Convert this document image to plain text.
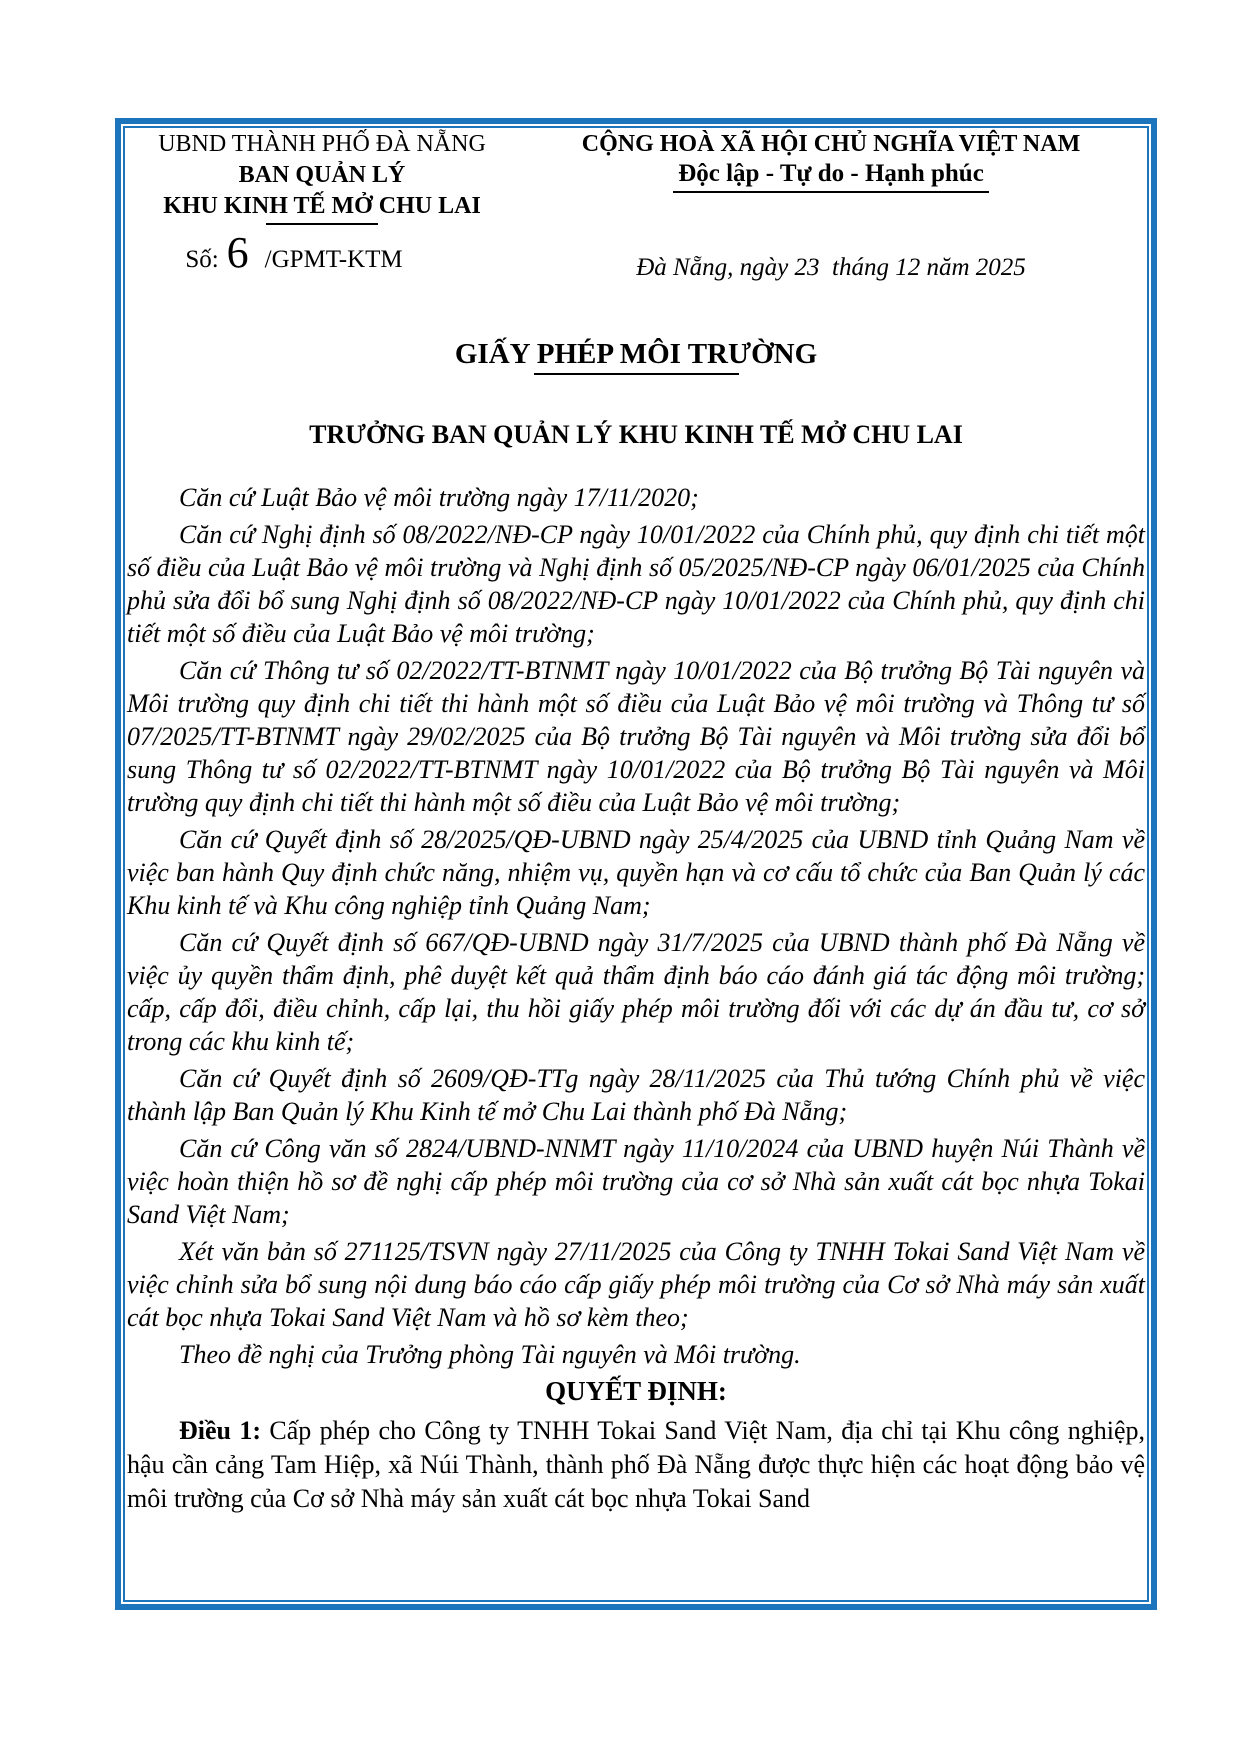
UBND THÀNH PHỐ ĐÀ NẴNG
BAN QUẢN LÝ
KHU KINH TẾ MỞ CHU LAI
Số: 6 /GPMT-KTM
CỘNG HOÀ XÃ HỘI CHỦ NGHĨA VIỆT NAM
Độc lập - Tự do - Hạnh phúc
Đà Nẵng, ngày 23  tháng 12 năm 2025
GIẤY PHÉP MÔI TRƯỜNG
TRƯỞNG BAN QUẢN LÝ KHU KINH TẾ MỞ CHU LAI

Căn cứ Luật Bảo vệ môi trường ngày 17/11/2020;

Căn cứ Nghị định số 08/2022/NĐ-CP ngày 10/01/2022 của Chính phủ, quy định chi tiết một số điều của Luật Bảo vệ môi trường và Nghị định số 05/2025/NĐ-CP ngày 06/01/2025 của Chính phủ sửa đổi bổ sung Nghị định số 08/2022/NĐ-CP ngày 10/01/2022 của Chính phủ, quy định chi tiết một số điều của Luật Bảo vệ môi trường;

Căn cứ Thông tư số 02/2022/TT-BTNMT ngày 10/01/2022 của Bộ trưởng Bộ Tài nguyên và Môi trường quy định chi tiết thi hành một số điều của Luật Bảo vệ môi trường và Thông tư số 07/2025/TT-BTNMT ngày 29/02/2025 của Bộ trưởng Bộ Tài nguyên và Môi trường sửa đổi bổ sung Thông tư số 02/2022/TT-BTNMT ngày 10/01/2022 của Bộ trưởng Bộ Tài nguyên và Môi trường quy định chi tiết thi hành một số điều của Luật Bảo vệ môi trường;

Căn cứ Quyết định số 28/2025/QĐ-UBND ngày 25/4/2025 của UBND tỉnh Quảng Nam về việc ban hành Quy định chức năng, nhiệm vụ, quyền hạn và cơ cấu tổ chức của Ban Quản lý các Khu kinh tế và Khu công nghiệp tỉnh Quảng Nam;

Căn cứ Quyết định số 667/QĐ-UBND ngày 31/7/2025 của UBND thành phố Đà Nẵng về việc ủy quyền thẩm định, phê duyệt kết quả thẩm định báo cáo đánh giá tác động môi trường; cấp, cấp đổi, điều chỉnh, cấp lại, thu hồi giấy phép môi trường đối với các dự án đầu tư, cơ sở trong các khu kinh tế;

Căn cứ Quyết định số 2609/QĐ-TTg ngày 28/11/2025 của Thủ tướng Chính phủ về việc thành lập Ban Quản lý Khu Kinh tế mở Chu Lai thành phố Đà Nẵng;

Căn cứ Công văn số 2824/UBND-NNMT ngày 11/10/2024 của UBND huyện Núi Thành về việc hoàn thiện hồ sơ đề nghị cấp phép môi trường của cơ sở Nhà sản xuất cát bọc nhựa Tokai Sand Việt Nam;

Xét văn bản số 271125/TSVN ngày 27/11/2025 của Công ty TNHH Tokai Sand Việt Nam về việc chỉnh sửa bổ sung nội dung báo cáo cấp giấy phép môi trường của Cơ sở Nhà máy sản xuất cát bọc nhựa Tokai Sand Việt Nam và hồ sơ kèm theo;

Theo đề nghị của Trưởng phòng Tài nguyên và Môi trường.

QUYẾT ĐỊNH:

Điều 1: Cấp phép cho Công ty TNHH Tokai Sand Việt Nam, địa chỉ tại Khu công nghiệp, hậu cần cảng Tam Hiệp, xã Núi Thành, thành phố Đà Nẵng được thực hiện các hoạt động bảo vệ môi trường của Cơ sở Nhà máy sản xuất cát bọc nhựa Tokai Sand
